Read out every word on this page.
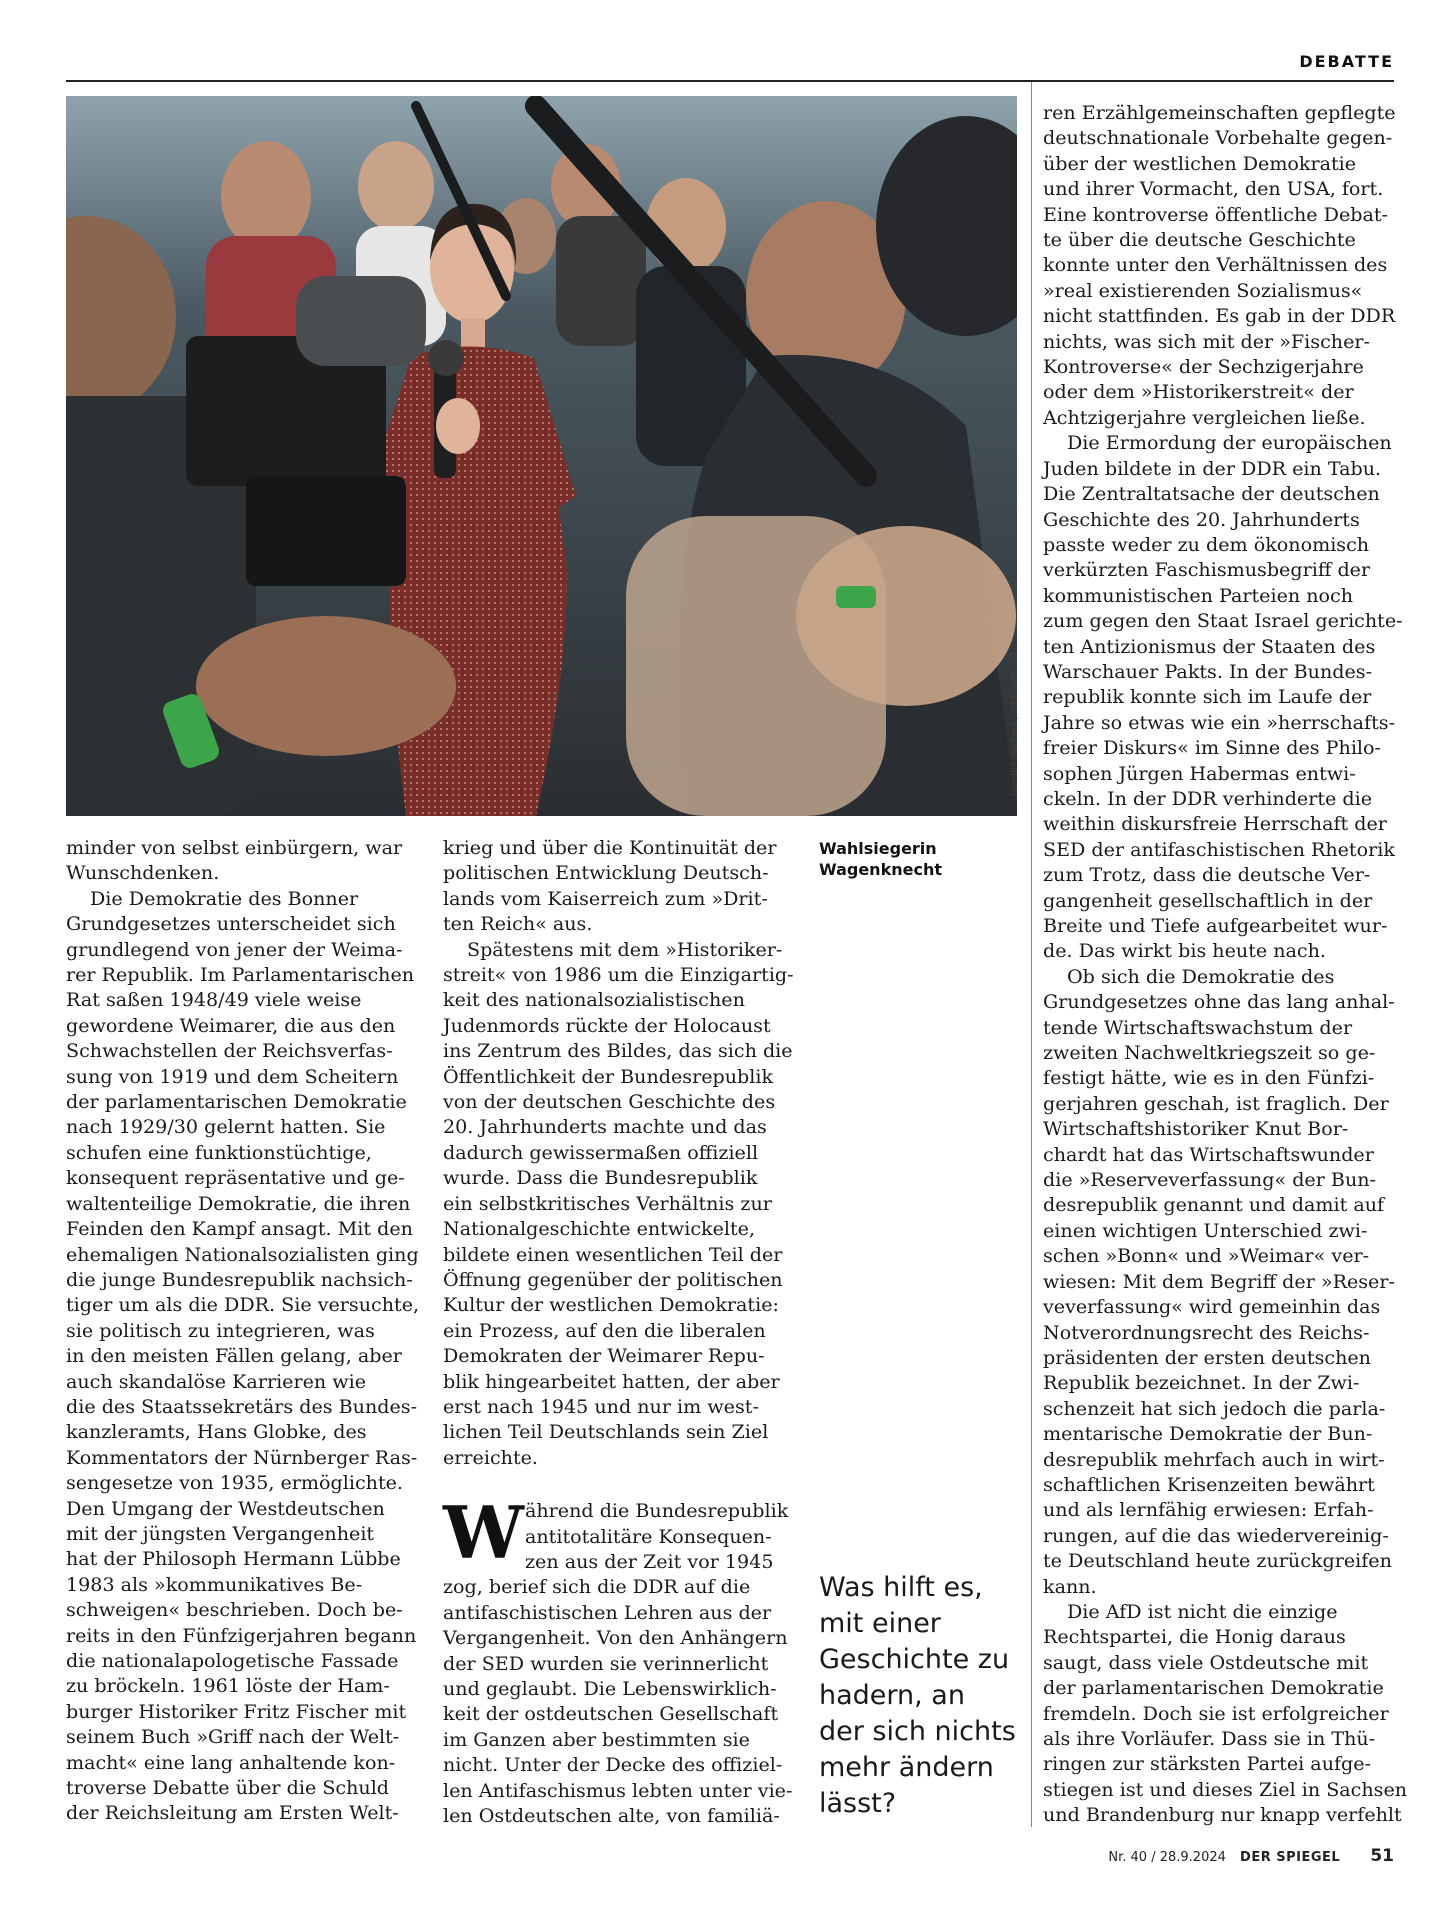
DEBATTE
Gordon Welters / DER SPIEGEL
Wahlsiegerin
Wagenknecht

minder von selbst einbürgern, war
Wunschdenken.

Die Demokratie des Bonner
Grundgesetzes unterscheidet sich
grundlegend von jener der Weima-
rer Republik. Im Parlamentarischen
Rat saßen 1948/49 viele weise
gewordene Weimarer, die aus den
Schwachstellen der Reichsverfas-
sung von 1919 und dem Scheitern
der parlamentarischen Demokratie
nach 1929/30 gelernt hatten. Sie
schufen eine funktionstüchtige,
konsequent repräsentative und ge-
waltenteilige Demokratie, die ihren
Feinden den Kampf ansagt. Mit den
ehemaligen Nationalsozialisten ging
die junge Bundesrepublik nachsich-
tiger um als die DDR. Sie versuchte,
sie politisch zu integrieren, was
in den meisten Fällen gelang, aber
auch skandalöse Karrieren wie
die des Staatssekretärs des Bundes-
kanzleramts, Hans Globke, des
Kommentators der Nürnberger Ras-
sengesetze von 1935, ermöglichte.
Den Umgang der Westdeutschen
mit der jüngsten Vergangenheit
hat der Philosoph Hermann Lübbe
1983 als »kommunikatives Be-
schweigen« beschrieben. Doch be-
reits in den Fünfzigerjahren begann
die nationalapologetische Fassade
zu bröckeln. 1961 löste der Ham-
burger Historiker Fritz Fischer mit
seinem Buch »Griff nach der Welt-
macht« eine lang anhaltende kon-
troverse Debatte über die Schuld
der Reichsleitung am Ersten Welt-

krieg und über die Kontinuität der
politischen Entwicklung Deutsch-
lands vom Kaiserreich zum »Drit-
ten Reich« aus.

Spätestens mit dem »Historiker-
streit« von 1986 um die Einzigartig-
keit des nationalsozialistischen
Judenmords rückte der Holocaust
ins Zentrum des Bildes, das sich die
Öffentlichkeit der Bundesrepublik
von der deutschen Geschichte des
20. Jahrhunderts machte und das
dadurch gewissermaßen offiziell
wurde. Dass die Bundesrepublik
ein selbstkritisches Verhältnis zur
Nationalgeschichte entwickelte,
bildete einen wesentlichen Teil der
Öffnung gegenüber der politischen
Kultur der westlichen Demokratie:
ein Prozess, auf den die liberalen
Demokraten der Weimarer Repu-
blik hingearbeitet hatten, der aber
erst nach 1945 und nur im west-
lichen Teil Deutschlands sein Ziel
erreichte.

W ährend die Bundesrepublik
antitotalitäre Konsequen-
zen aus der Zeit vor 1945
zog, berief sich die DDR auf die
antifaschistischen Lehren aus der
Vergangenheit. Von den Anhängern
der SED wurden sie verinnerlicht
und geglaubt. Die Lebenswirklich-
keit der ostdeutschen Gesellschaft
im Ganzen aber bestimmten sie
nicht. Unter der Decke des offiziel-
len Antifaschismus lebten unter vie-
len Ostdeutschen alte, von familiä-
Was hilft es,
mit einer
Geschichte zu
hadern, an
der sich nichts
mehr ändern
lässt?

ren Erzählgemeinschaften gepflegte
deutschnationale Vorbehalte gegen-
über der westlichen Demokratie
und ihrer Vormacht, den USA, fort.
Eine kontroverse öffentliche Debat-
te über die deutsche Geschichte
konnte unter den Verhältnissen des
»real existierenden Sozialismus«
nicht stattfinden. Es gab in der DDR
nichts, was sich mit der »Fischer-
Kontroverse« der Sechzigerjahre
oder dem »Historikerstreit« der
Achtzigerjahre vergleichen ließe.

Die Ermordung der europäischen
Juden bildete in der DDR ein Tabu.
Die Zentraltatsache der deutschen
Geschichte des 20. Jahrhunderts
passte weder zu dem ökonomisch
verkürzten Faschismusbegriff der
kommunistischen Parteien noch
zum gegen den Staat Israel gerichte-
ten Antizionismus der Staaten des
Warschauer Pakts. In der Bundes-
republik konnte sich im Laufe der
Jahre so etwas wie ein »herrschafts-
freier Diskurs« im Sinne des Philo-
sophen Jürgen Habermas entwi-
ckeln. In der DDR verhinderte die
weithin diskursfreie Herrschaft der
SED der antifaschistischen Rhetorik
zum Trotz, dass die deutsche Ver-
gangenheit gesellschaftlich in der
Breite und Tiefe aufgearbeitet wur-
de. Das wirkt bis heute nach.

Ob sich die Demokratie des
Grundgesetzes ohne das lang anhal-
tende Wirtschaftswachstum der
zweiten Nachweltkriegszeit so ge-
festigt hätte, wie es in den Fünfzi-
gerjahren geschah, ist fraglich. Der
Wirtschaftshistoriker Knut Bor-
chardt hat das Wirtschaftswunder
die »Reserveverfassung« der Bun-
desrepublik genannt und damit auf
einen wichtigen Unterschied zwi-
schen »Bonn« und »Weimar« ver-
wiesen: Mit dem Begriff der »Reser-
veverfassung« wird gemeinhin das
Notverordnungsrecht des Reichs-
präsidenten der ersten deutschen
Republik bezeichnet. In der Zwi-
schenzeit hat sich jedoch die parla-
mentarische Demokratie der Bun-
desrepublik mehrfach auch in wirt-
schaftlichen Krisenzeiten bewährt
und als lernfähig erwiesen: Erfah-
rungen, auf die das wiedervereinig-
te Deutschland heute zurückgreifen
kann.

Die AfD ist nicht die einzige
Rechtspartei, die Honig daraus
saugt, dass viele Ostdeutsche mit
der parlamentarischen Demokratie
fremdeln. Doch sie ist erfolgreicher
als ihre Vorläufer. Dass sie in Thü-
ringen zur stärksten Partei aufge-
stiegen ist und dieses Ziel in Sachsen
und Brandenburg nur knapp verfehlt

Nr. 40 / 28.9.2024 DER SPIEGEL 51
